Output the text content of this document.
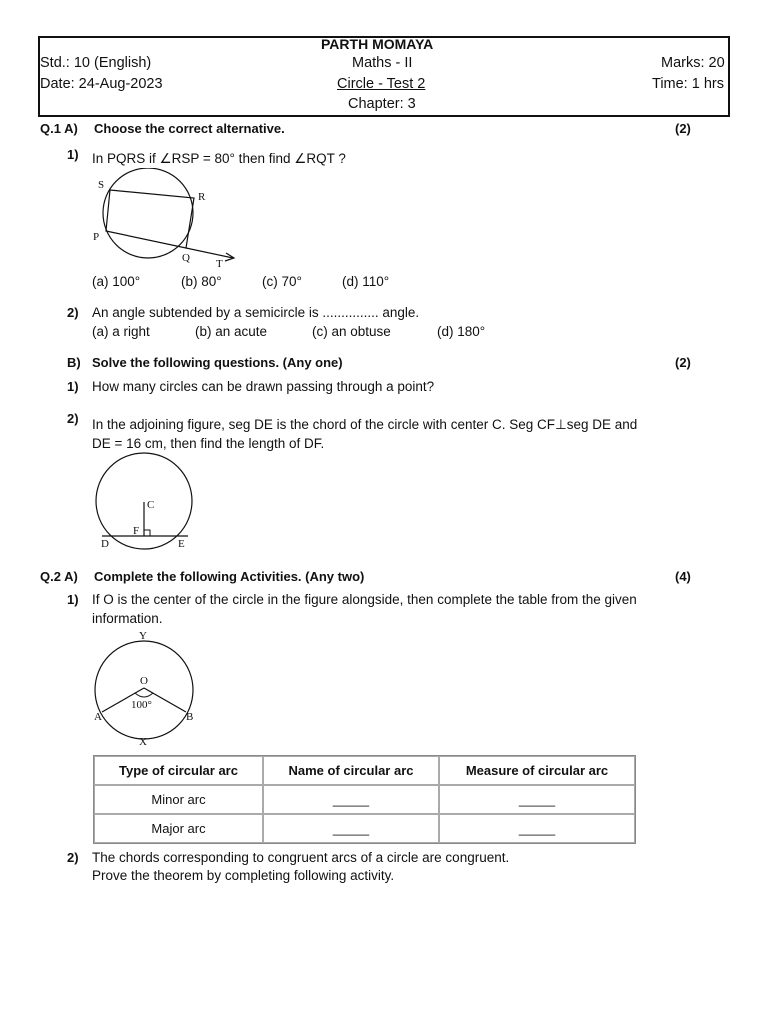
PARTH MOMAYA
Std.: 10 (English)	Maths - II	Marks: 20
Date: 24-Aug-2023	Circle - Test 2	Time: 1 hrs
Chapter: 3
Q.1 A) Choose the correct alternative.	(2)
1) In PQRS if ∠RSP = 80° then find ∠RQT ?
S
R
P
Q T
(a) 100°	(b) 80°	(c) 70°	(d) 110°
2) An angle subtended by a semicircle is ............... angle.
(a) a right	(b) an acute	(c) an obtuse	(d) 180°
B) Solve the following questions. (Any one)	(2)
1) How many circles can be drawn passing through a point?
2) In the adjoining figure, seg DE is the chord of the circle with center C. Seg CF⊥seg DE and
DE = 16 cm, then find the length of DF.
C
F
D	E
Q.2 A) Complete the following Activities. (Any two)	(4)
1) If O is the center of the circle in the figure alongside, then complete the table from the given
information.
Y
O
100°
A	B
X
Type of circular arc	Name of circular arc	Measure of circular arc
Minor arc	_____	_____
Major arc	_____	_____
2) The chords corresponding to congruent arcs of a circle are congruent.
Prove the theorem by completing following activity.
